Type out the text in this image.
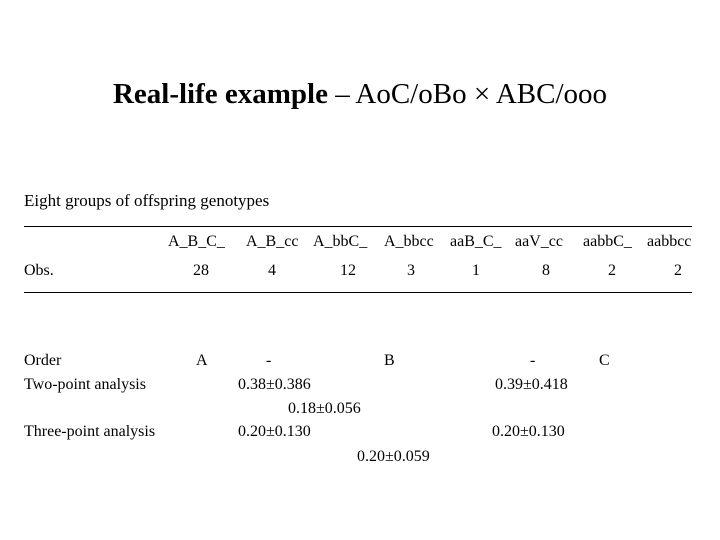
Real-life example – AoC/oBo × ABC/ooo
Eight groups of offspring genotypes
A_B_C_ A_B_cc A_bbC_ A_bbcc aaB_C_ aaV_cc aabbC_ aabbcc
Obs.	28	4	12	3	1	8	2	2
Order	A	-	B	-	C
Two-point analysis	0.38±0.386	0.39±0.418
0.18±0.056
Three-point analysis	0.20±0.130	0.20±0.130
0.20±0.059
